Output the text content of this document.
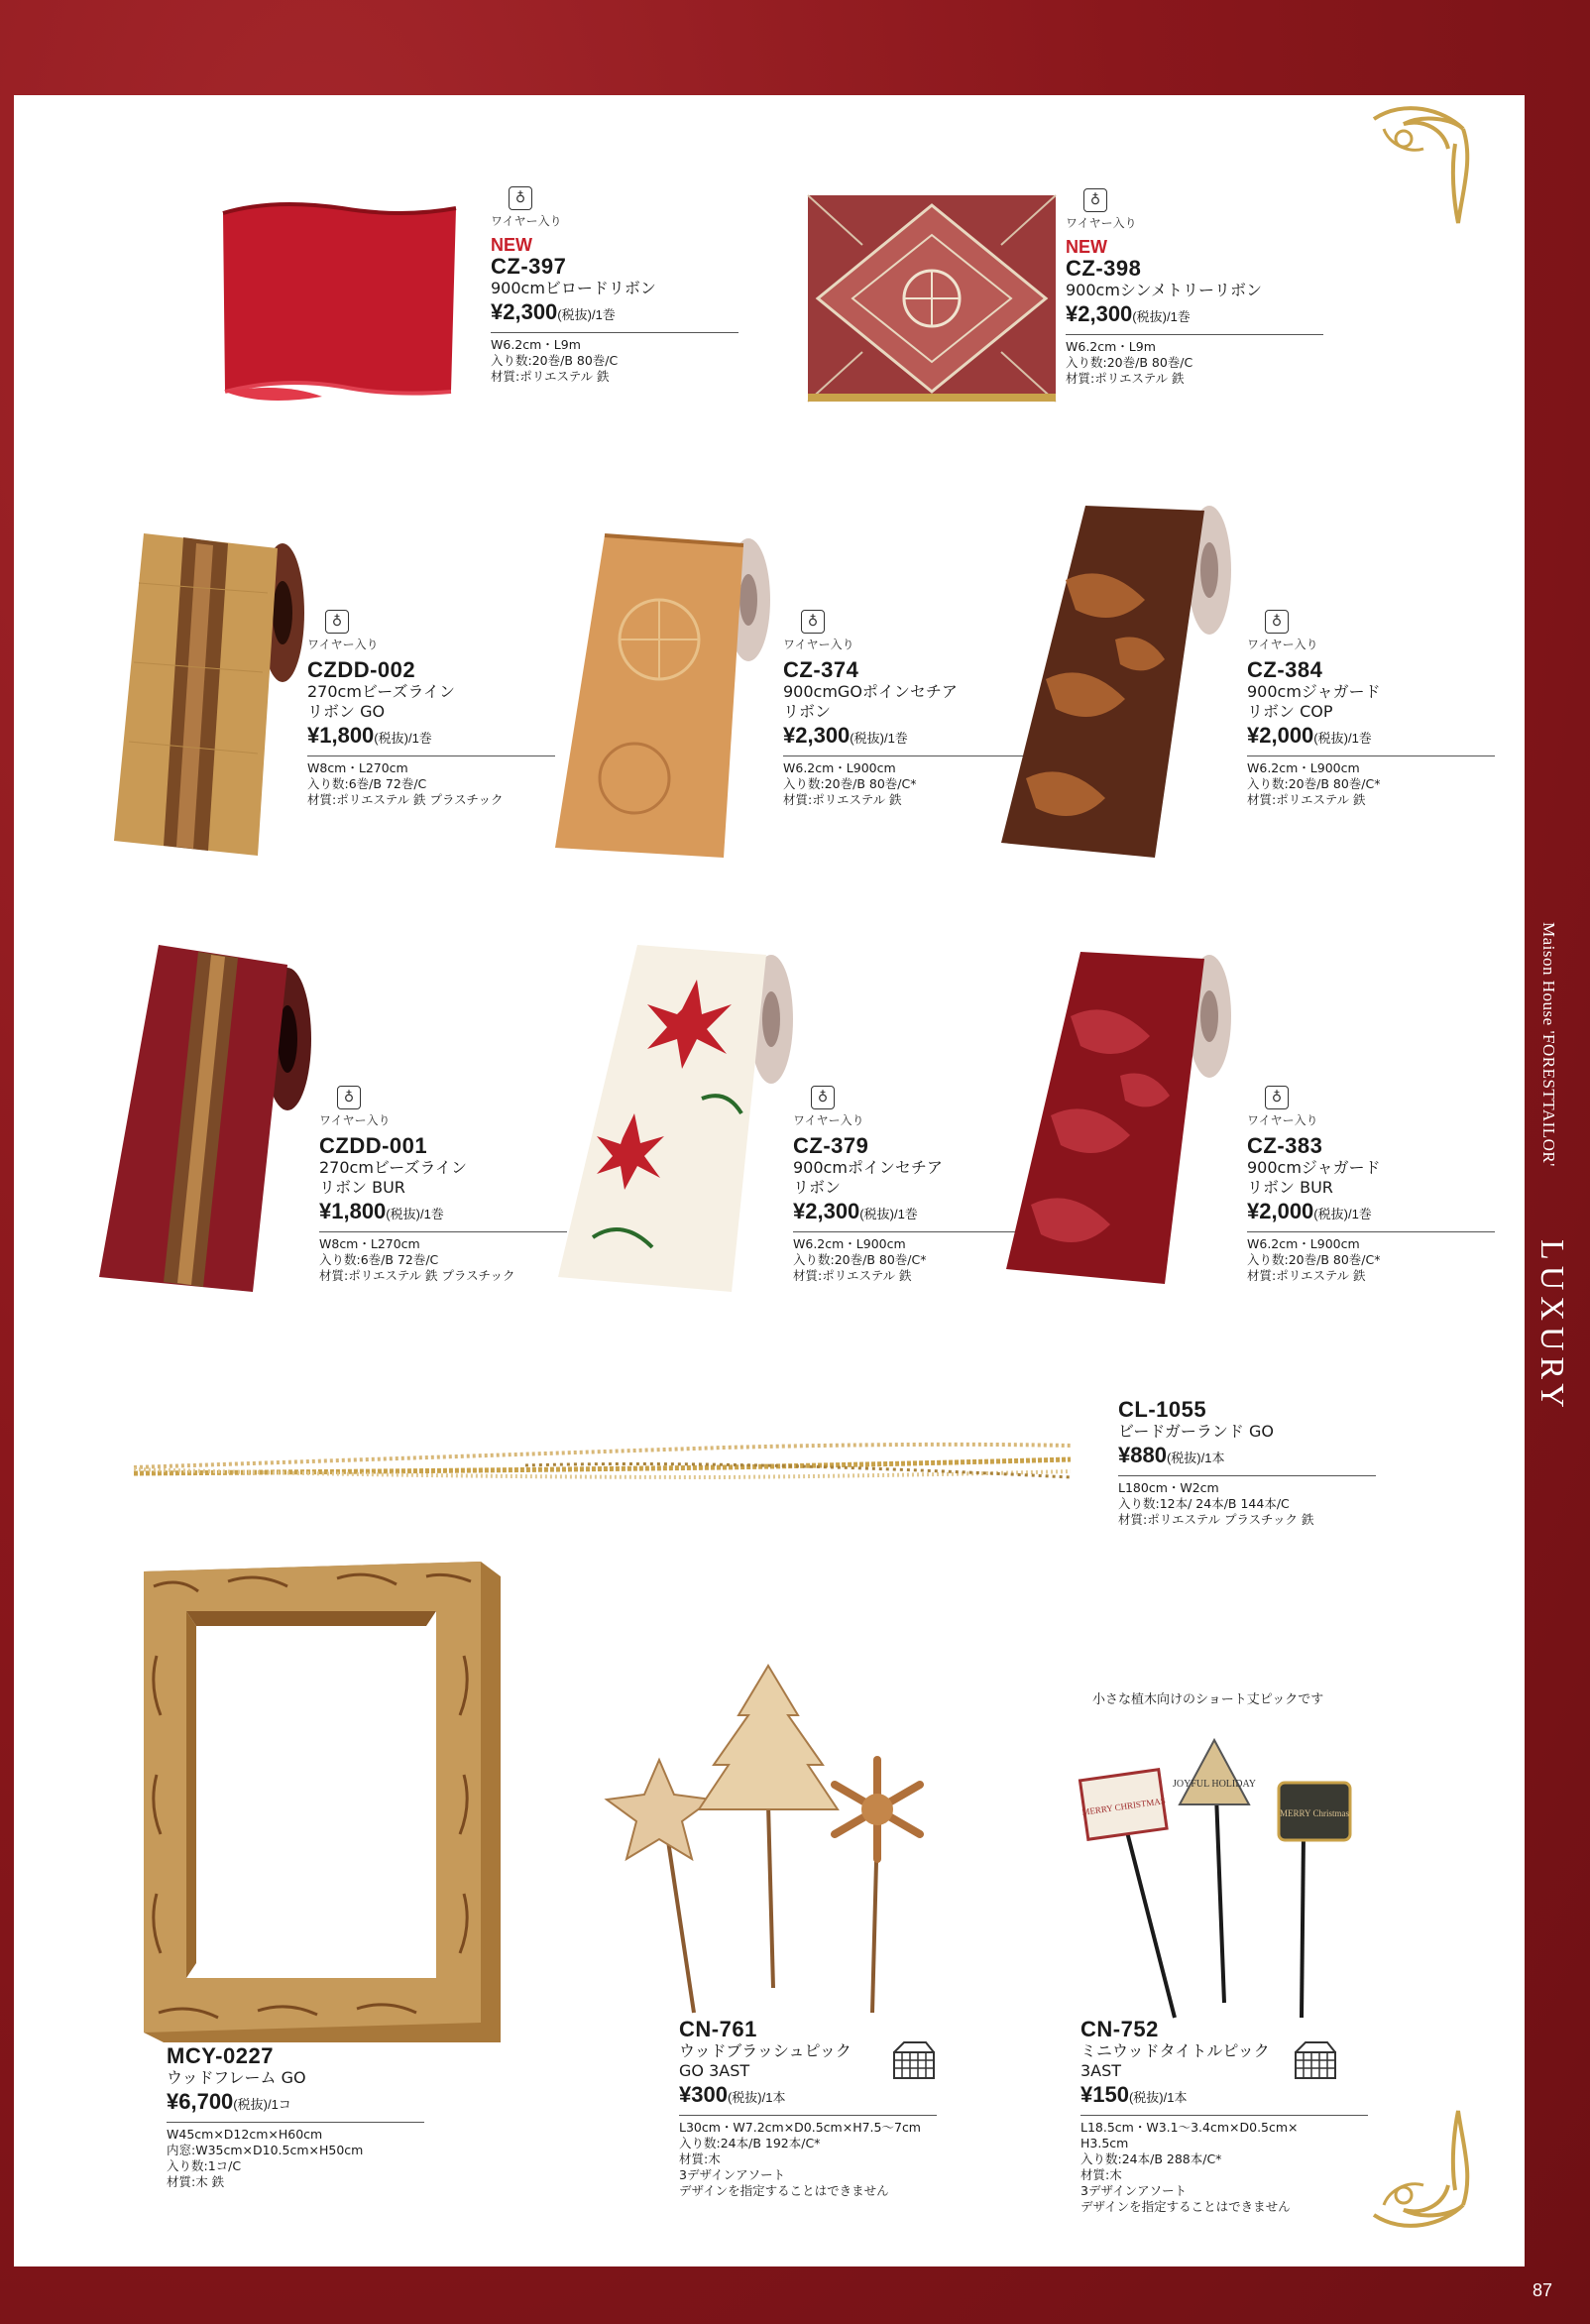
Maison House 'FORESTTAILOR'
LUXURY
87
♁
ワイヤー入り
NEW
CZ-397
900cmビロードリボン
¥2,300(税抜)/1巻
W6.2cm・L9m
入り数:20巻/B 80巻/C
材質:ポリエステル 鉄
♁
ワイヤー入り
NEW
CZ-398
900cmシンメトリーリボン
¥2,300(税抜)/1巻
W6.2cm・L9m
入り数:20巻/B 80巻/C
材質:ポリエステル 鉄
♁
ワイヤー入り
CZDD-002
270cmビーズライン
リボン GO
¥1,800(税抜)/1巻
W8cm・L270cm
入り数:6巻/B 72巻/C
材質:ポリエステル 鉄 プラスチック
♁
ワイヤー入り
CZ-374
900cmGOポインセチア
リボン
¥2,300(税抜)/1巻
W6.2cm・L900cm
入り数:20巻/B 80巻/C*
材質:ポリエステル 鉄
♁
ワイヤー入り
CZ-384
900cmジャガード
リボン COP
¥2,000(税抜)/1巻
W6.2cm・L900cm
入り数:20巻/B 80巻/C*
材質:ポリエステル 鉄
♁
ワイヤー入り
CZDD-001
270cmビーズライン
リボン BUR
¥1,800(税抜)/1巻
W8cm・L270cm
入り数:6巻/B 72巻/C
材質:ポリエステル 鉄 プラスチック
♁
ワイヤー入り
CZ-379
900cmポインセチア
リボン
¥2,300(税抜)/1巻
W6.2cm・L900cm
入り数:20巻/B 80巻/C*
材質:ポリエステル 鉄
♁
ワイヤー入り
CZ-383
900cmジャガード
リボン BUR
¥2,000(税抜)/1巻
W6.2cm・L900cm
入り数:20巻/B 80巻/C*
材質:ポリエステル 鉄
CL-1055
ビードガーランド GO
¥880(税抜)/1本
L180cm・W2cm
入り数:12本/ 24本/B 144本/C
材質:ポリエステル プラスチック 鉄
MCY-0227
ウッドフレーム GO
¥6,700(税抜)/1コ
W45cm×D12cm×H60cm
内窓:W35cm×D10.5cm×H50cm
入り数:1コ/C
材質:木 鉄
CN-761
ウッドブラッシュピック
GO 3AST
¥300(税抜)/1本
L30cm・W7.2cm×D0.5cm×H7.5～7cm
入り数:24本/B 192本/C*
材質:木
3デザインアソート
デザインを指定することはできません
小さな植木向けのショート丈ピックです
JOYFUL HOLIDAY
MERRY CHRISTMAS	MERRY Christmas
CN-752
ミニウッドタイトルピック
3AST
¥150(税抜)/1本
L18.5cm・W3.1～3.4cm×D0.5cm×
H3.5cm
入り数:24本/B 288本/C*
材質:木
3デザインアソート
デザインを指定することはできません
